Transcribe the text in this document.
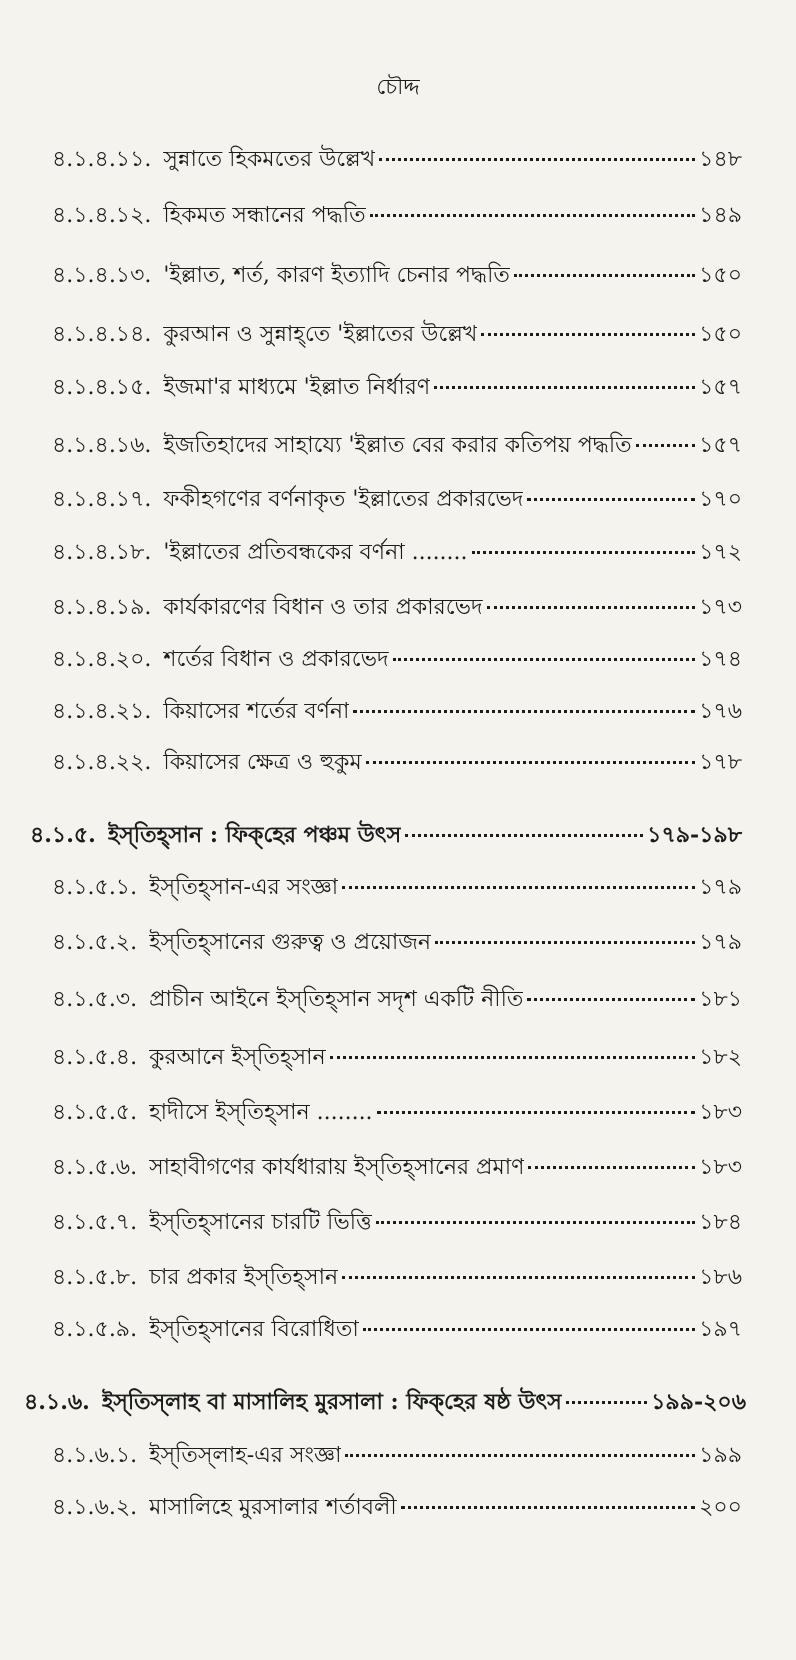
চৌদ্দ
৪.১.৪.১১. সুন্নাতে হিকমতের উল্লেখ	১৪৮
৪.১.৪.১২. হিকমত সন্ধানের পদ্ধতি	১৪৯
৪.১.৪.১৩. 'ইল্লাত, শর্ত, কারণ ইত্যাদি চেনার পদ্ধতি	১৫০
৪.১.৪.১৪. কুরআন ও সুন্নাহ্‌তে 'ইল্লাতের উল্লেখ	১৫০
৪.১.৪.১৫. ইজমা'র মাধ্যমে 'ইল্লাত নির্ধারণ	১৫৭
৪.১.৪.১৬. ইজতিহাদের সাহায্যে 'ইল্লাত বের করার কতিপয় পদ্ধতি	১৫৭
৪.১.৪.১৭. ফকীহগণের বর্ণনাকৃত 'ইল্লাতের প্রকারভেদ	১৭০
৪.১.৪.১৮. 'ইল্লাতের প্রতিবন্ধকের বর্ণনা ........	১৭২
৪.১.৪.১৯. কার্যকারণের বিধান ও তার প্রকারভেদ	১৭৩
৪.১.৪.২০. শর্তের বিধান ও প্রকারভেদ	১৭৪
৪.১.৪.২১. কিয়াসের শর্তের বর্ণনা	১৭৬
৪.১.৪.২২. কিয়াসের ক্ষেত্র ও হুকুম	১৭৮
৪.১.৫. ইস্‌তিহ্‌সান : ফিক্‌হের পঞ্চম উৎস	১৭৯-১৯৮
৪.১.৫.১. ইস্‌তিহ্‌সান-এর সংজ্ঞা	১৭৯
৪.১.৫.২. ইস্‌তিহ্‌সানের গুরুত্ব ও প্রয়োজন	১৭৯
৪.১.৫.৩. প্রাচীন আইনে ইস্‌তিহ্‌সান সদৃশ একটি নীতি	১৮১
৪.১.৫.৪. কুরআনে ইস্‌তিহ্‌সান	১৮২
৪.১.৫.৫. হাদীসে ইস্‌তিহ্‌সান ........	১৮৩
৪.১.৫.৬. সাহাবীগণের কার্যধারায় ইস্‌তিহ্‌সানের প্রমাণ	১৮৩
৪.১.৫.৭. ইস্‌তিহ্‌সানের চারটি ভিত্তি	১৮৪
৪.১.৫.৮. চার প্রকার ইস্‌তিহ্‌সান	১৮৬
৪.১.৫.৯. ইস্‌তিহ্‌সানের বিরোধিতা	১৯৭
৪.১.৬. ইস্‌তিস্‌লাহ বা মাসালিহ মুরসালা : ফিক্‌হের ষষ্ঠ উৎস	১৯৯-২০৬
৪.১.৬.১. ইস্‌তিস্‌লাহ-এর সংজ্ঞা	১৯৯
৪.১.৬.২. মাসালিহে মুরসালার শর্তাবলী	২০০
